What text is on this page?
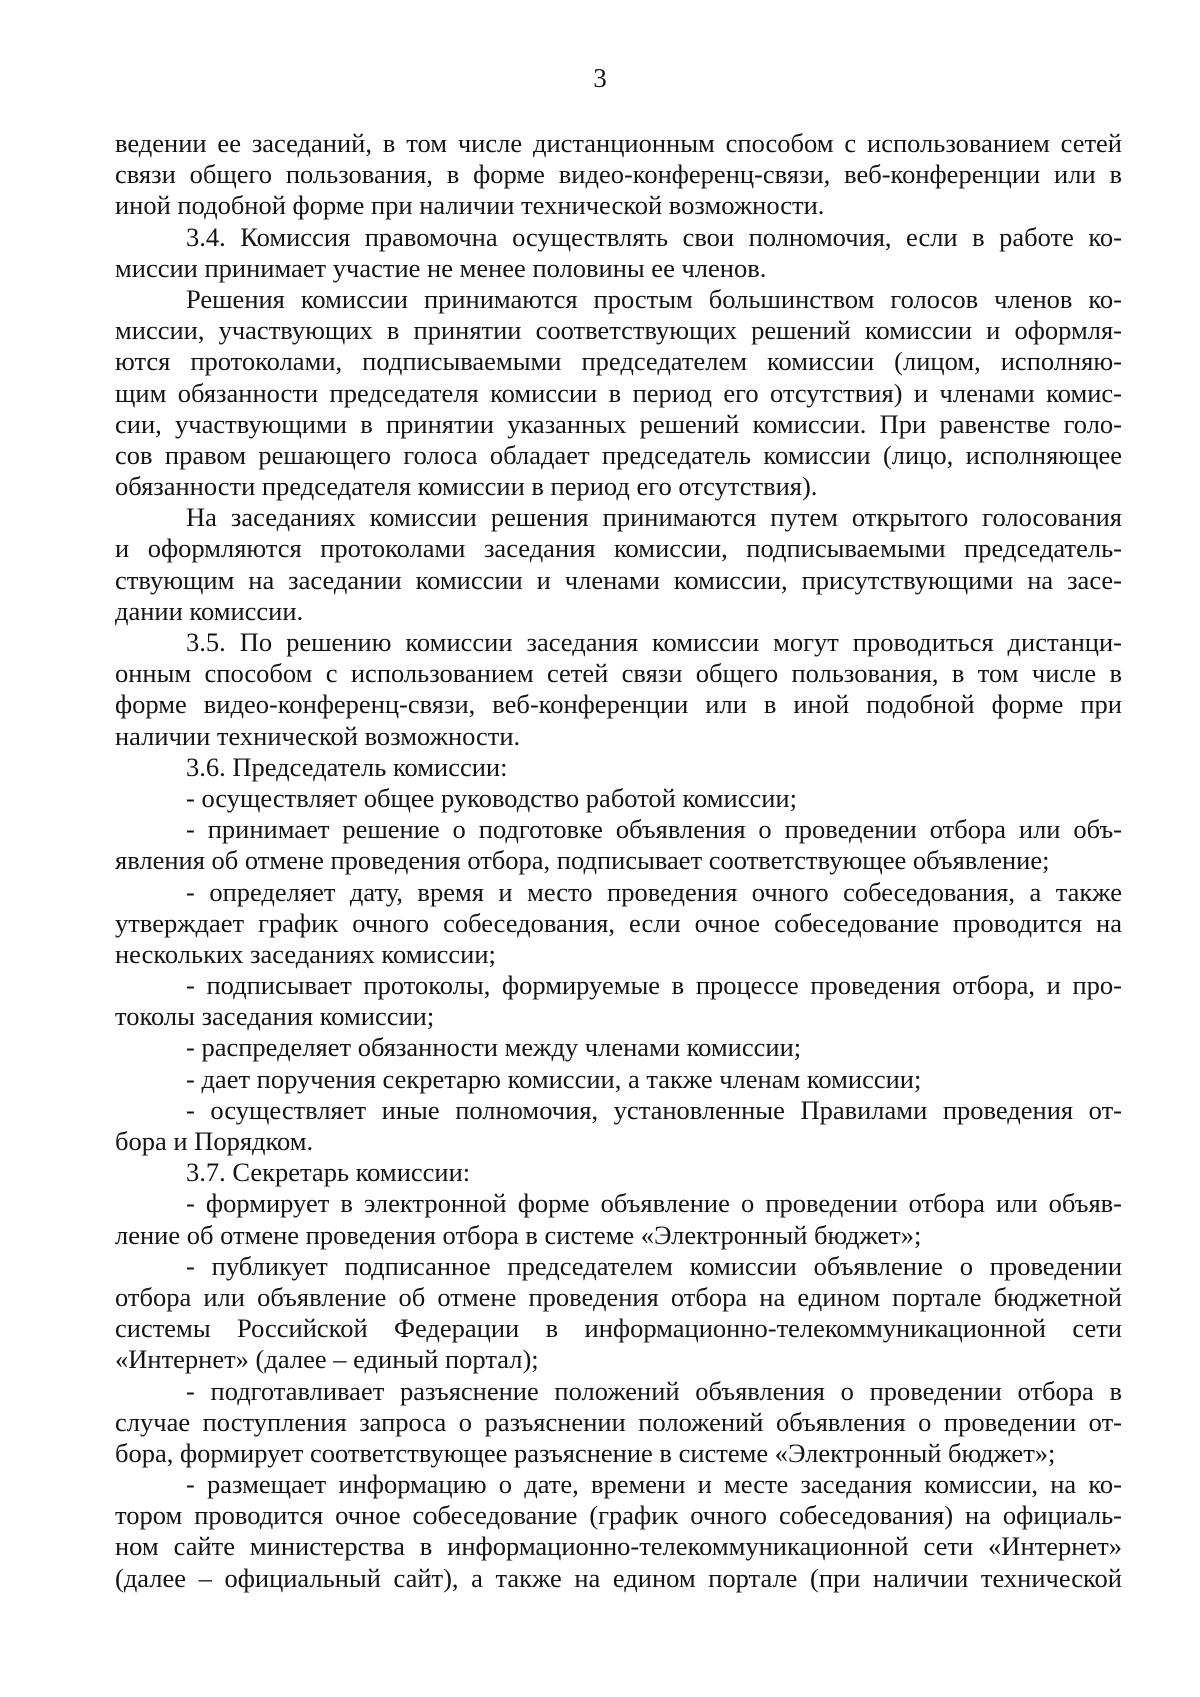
3
ведении ее заседаний, в том числе дистанционным способом с использованием сетей
связи общего пользования, в форме видео-конференц-связи, веб-конференции или в
иной подобной форме при наличии технической возможности.
3.4. Комиссия правомочна осуществлять свои полномочия, если в работе ко-
миссии принимает участие не менее половины ее членов.
Решения комиссии принимаются простым большинством голосов членов ко-
миссии, участвующих в принятии соответствующих решений комиссии и оформля-
ются протоколами, подписываемыми председателем комиссии (лицом, исполняю-
щим обязанности председателя комиссии в период его отсутствия) и членами комис-
сии, участвующими в принятии указанных решений комиссии. При равенстве голо-
сов правом решающего голоса обладает председатель комиссии (лицо, исполняющее
обязанности председателя комиссии в период его отсутствия).
На заседаниях комиссии решения принимаются путем открытого голосования
и оформляются протоколами заседания комиссии, подписываемыми председатель-
ствующим на заседании комиссии и членами комиссии, присутствующими на засе-
дании комиссии.
3.5. По решению комиссии заседания комиссии могут проводиться дистанци-
онным способом с использованием сетей связи общего пользования, в том числе в
форме видео-конференц-связи, веб-конференции или в иной подобной форме при
наличии технической возможности.
3.6. Председатель комиссии:
- осуществляет общее руководство работой комиссии;
- принимает решение о подготовке объявления о проведении отбора или объ-
явления об отмене проведения отбора, подписывает соответствующее объявление;
- определяет дату, время и место проведения очного собеседования, а также
утверждает график очного собеседования, если очное собеседование проводится на
нескольких заседаниях комиссии;
- подписывает протоколы, формируемые в процессе проведения отбора, и про-
токолы заседания комиссии;
- распределяет обязанности между членами комиссии;
- дает поручения секретарю комиссии, а также членам комиссии;
- осуществляет иные полномочия, установленные Правилами проведения от-
бора и Порядком.
3.7. Секретарь комиссии:
- формирует в электронной форме объявление о проведении отбора или объяв-
ление об отмене проведения отбора в системе «Электронный бюджет»;
- публикует подписанное председателем комиссии объявление о проведении
отбора или объявление об отмене проведения отбора на едином портале бюджетной
системы Российской Федерации в информационно-телекоммуникационной сети
«Интернет» (далее – единый портал);
- подготавливает разъяснение положений объявления о проведении отбора в
случае поступления запроса о разъяснении положений объявления о проведении от-
бора, формирует соответствующее разъяснение в системе «Электронный бюджет»;
- размещает информацию о дате, времени и месте заседания комиссии, на ко-
тором проводится очное собеседование (график очного собеседования) на официаль-
ном сайте министерства в информационно-телекоммуникационной сети «Интернет»
(далее – официальный сайт), а также на едином портале (при наличии технической
